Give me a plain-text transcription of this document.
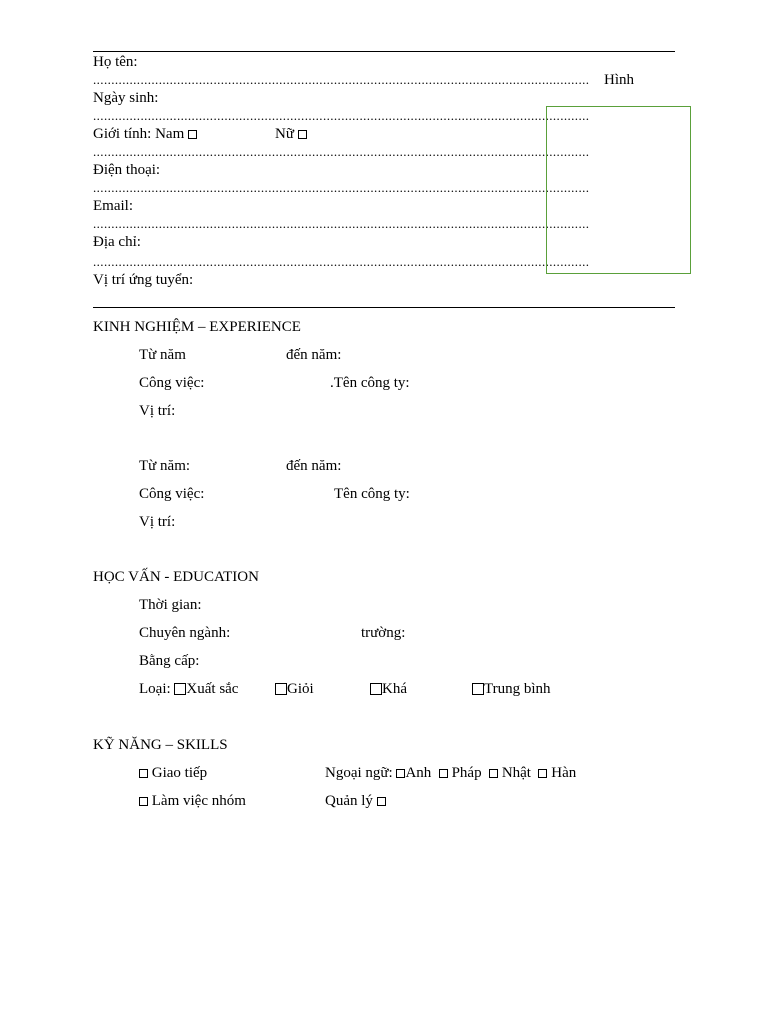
Họ tên:
........................................................................................................................................ Hình
Ngày sinh:
........................................................................................................................................
Giới tính: Nam	Nữ
........................................................................................................................................
Điện thoại:
........................................................................................................................................
Email:
........................................................................................................................................
Địa chỉ:
........................................................................................................................................
Vị trí ứng tuyển:
KINH NGHIỆM – EXPERIENCE
Từ năm	đến năm:
Công việc:	.Tên công ty:
Vị trí:
Từ năm:	đến năm:
Công việc:	Tên công ty:
Vị trí:
HỌC VẤN - EDUCATION
Thời gian:
Chuyên ngành:	trường:
Bằng cấp:
Loại: Xuất sắc	Giỏi	Khá	Trung bình
KỸ NĂNG – SKILLS
Giao tiếp	Ngoại ngữ: Anh Pháp Nhật Hàn
Làm việc nhóm	Quản lý
